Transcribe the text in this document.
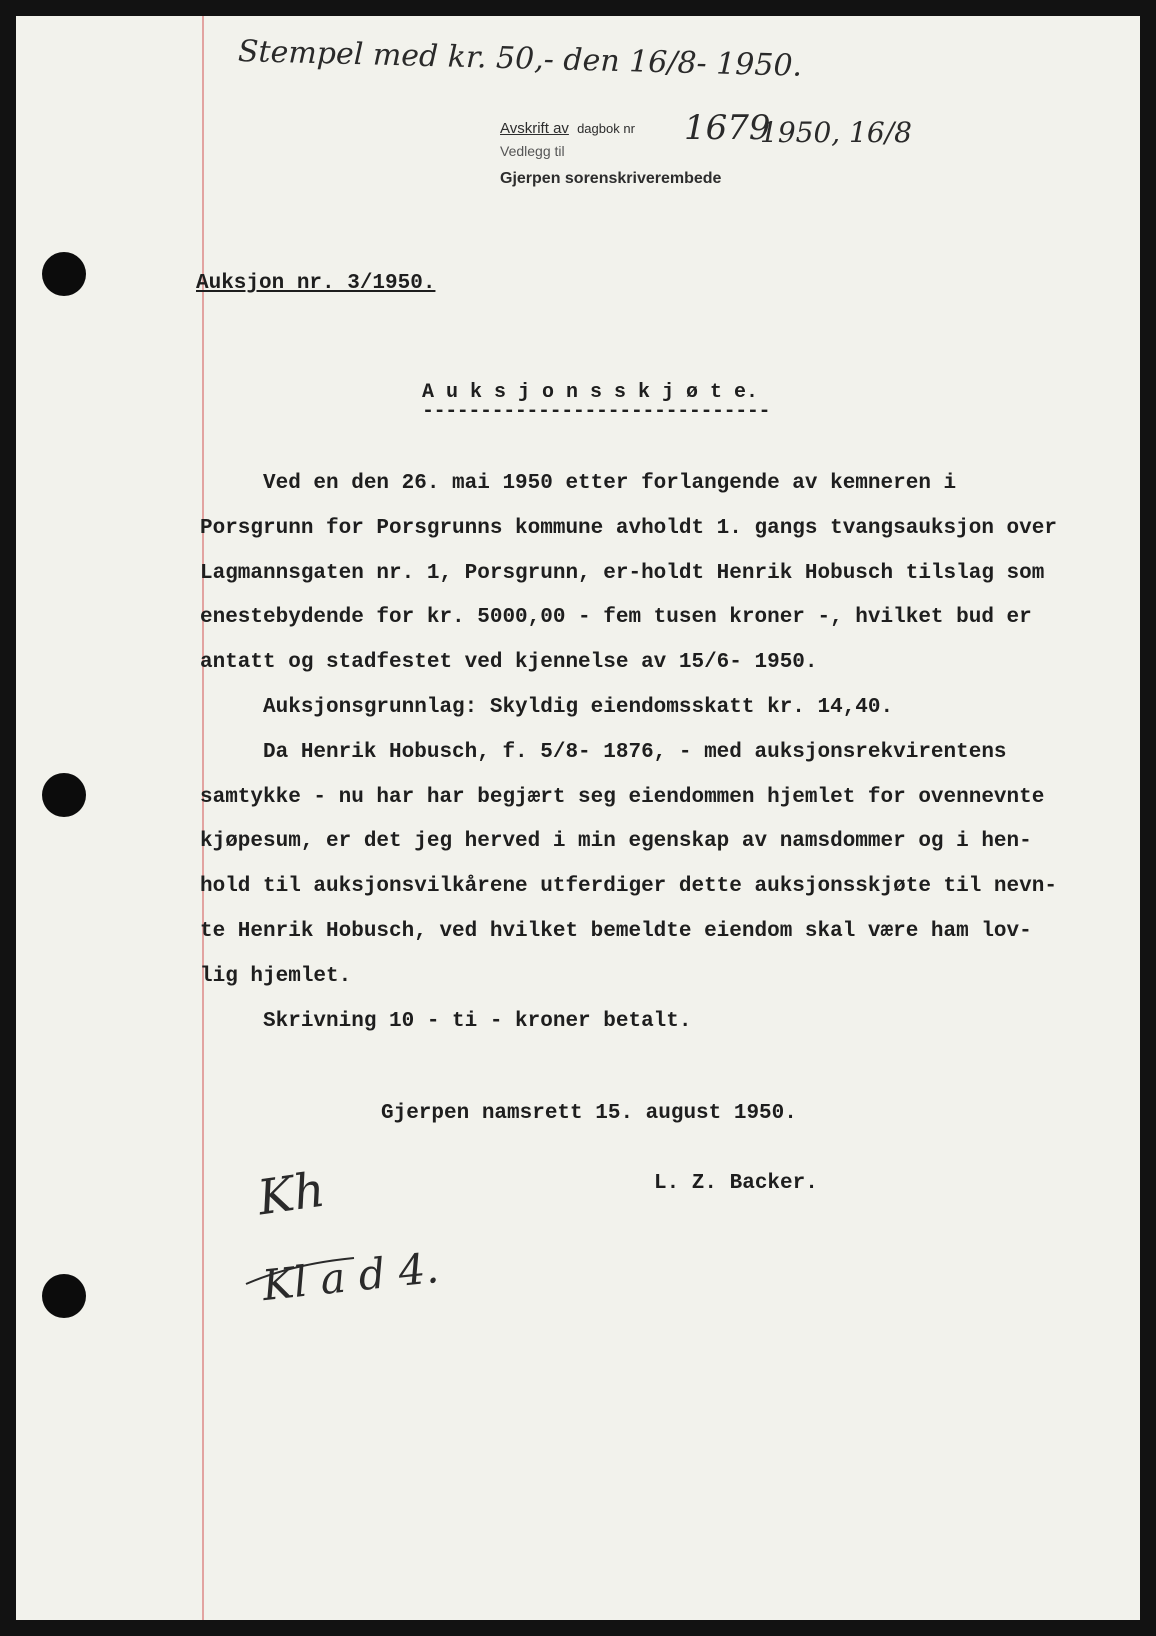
Stempel med kr. 50,- den 16/8- 1950.
Avskrift av dagbok nr 1679
1950, 16/8
Vedlegg til
Gjerpen sorenskriverembede
Auksjon nr. 3/1950.
A u k s j o n s s k j ø t e.
------------------------------
Ved en den 26. mai 1950 etter forlangende av kemneren i
Porsgrunn for Porsgrunns kommune avholdt 1. gangs tvangsauksjon over
Lagmannsgaten nr. 1, Porsgrunn, er-holdt Henrik Hobusch tilslag som
enestebydende for kr. 5000,00 - fem tusen kroner -, hvilket bud er
antatt og stadfestet ved kjennelse av 15/6- 1950.
Auksjonsgrunnlag: Skyldig eiendomsskatt kr. 14,40.
Da Henrik Hobusch, f. 5/8- 1876, - med auksjonsrekvirentens
samtykke - nu har har begjært seg eiendommen hjemlet for ovennevnte
kjøpesum, er det jeg herved i min egenskap av namsdommer og i hen-
hold til auksjonsvilkårene utferdiger dette auksjonsskjøte til nevn-
te Henrik Hobusch, ved hvilket bemeldte eiendom skal være ham lov-
lig hjemlet.
Skrivning 10 - ti - kroner betalt.
Gjerpen namsrett 15. august 1950.
L. Z. Backer.
Kh
Kl a d 4.
